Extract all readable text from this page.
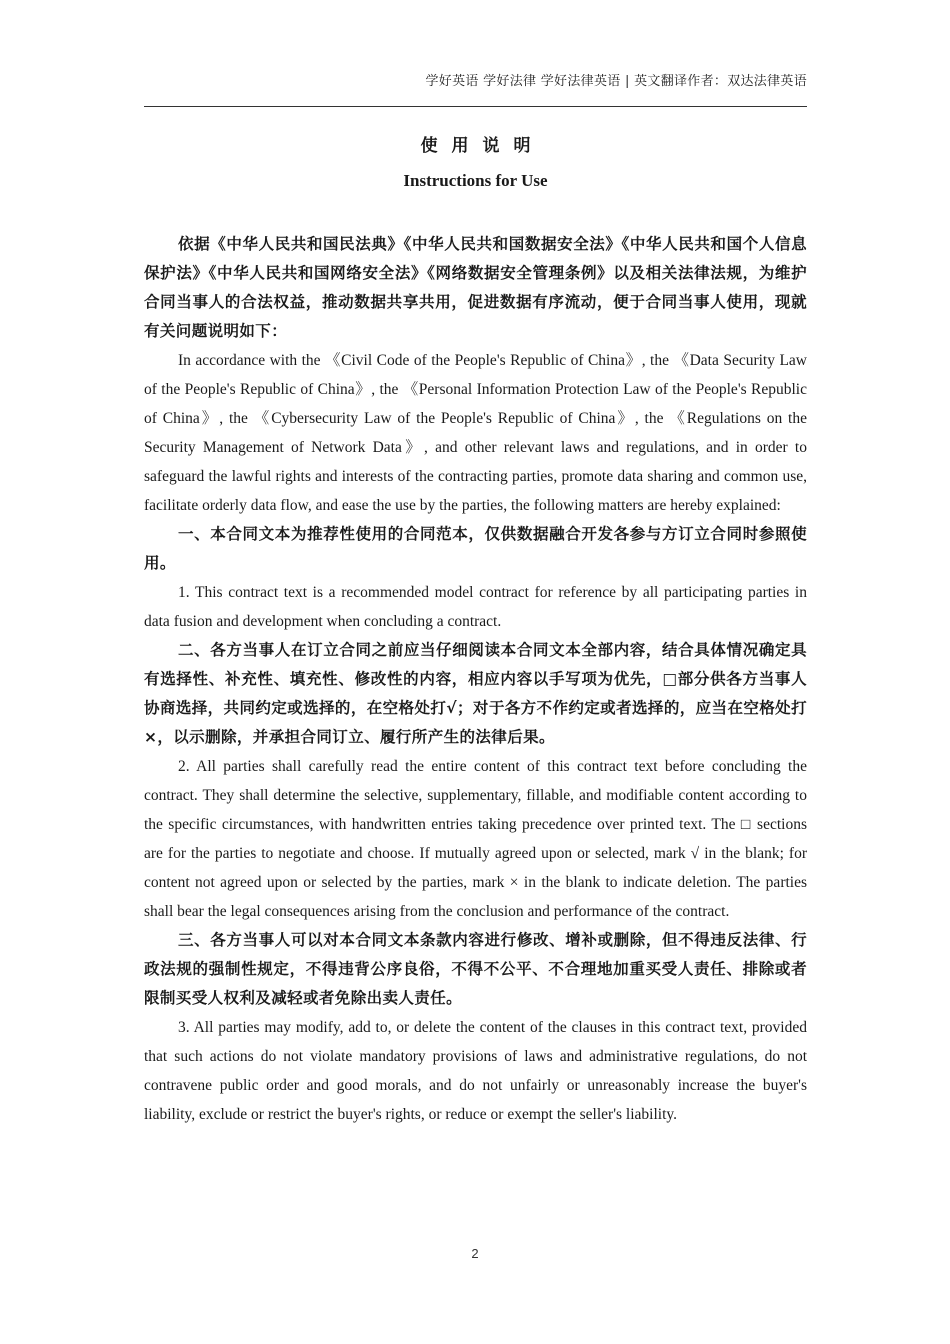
学好英语 学好法律 学好法律英语 | 英文翻译作者：双达法律英语
使用说明
Instructions for Use

依据《中华人民共和国民法典》《中华人民共和国数据安全法》《中华人民共和国个人信息保护法》《中华人民共和国网络安全法》《网络数据安全管理条例》以及相关法律法规，为维护合同当事人的合法权益，推动数据共享共用，促进数据有序流动，便于合同当事人使用，现就有关问题说明如下：

In accordance with the 《Civil Code of the People's Republic of China》, the 《Data Security Law of the People's Republic of China》, the 《Personal Information Protection Law of the People's Republic of China》, the 《Cybersecurity Law of the People's Republic of China》, the 《Regulations on the Security Management of Network Data》, and other relevant laws and regulations, and in order to safeguard the lawful rights and interests of the contracting parties, promote data sharing and common use, facilitate orderly data flow, and ease the use by the parties, the following matters are hereby explained:

一、本合同文本为推荐性使用的合同范本，仅供数据融合开发各参与方订立合同时参照使用。

1. This contract text is a recommended model contract for reference by all participating parties in data fusion and development when concluding a contract.

二、各方当事人在订立合同之前应当仔细阅读本合同文本全部内容，结合具体情况确定具有选择性、补充性、填充性、修改性的内容，相应内容以手写项为优先，□部分供各方当事人协商选择，共同约定或选择的，在空格处打√；对于各方不作约定或者选择的，应当在空格处打×，以示删除，并承担合同订立、履行所产生的法律后果。

2. All parties shall carefully read the entire content of this contract text before concluding the contract. They shall determine the selective, supplementary, fillable, and modifiable content according to the specific circumstances, with handwritten entries taking precedence over printed text. The □ sections are for the parties to negotiate and choose. If mutually agreed upon or selected, mark √ in the blank; for content not agreed upon or selected by the parties, mark × in the blank to indicate deletion. The parties shall bear the legal consequences arising from the conclusion and performance of the contract.

三、各方当事人可以对本合同文本条款内容进行修改、增补或删除，但不得违反法律、行政法规的强制性规定，不得违背公序良俗，不得不公平、不合理地加重买受人责任、排除或者限制买受人权利及减轻或者免除出卖人责任。

3. All parties may modify, add to, or delete the content of the clauses in this contract text, provided that such actions do not violate mandatory provisions of laws and administrative regulations, do not contravene public order and good morals, and do not unfairly or unreasonably increase the buyer's liability, exclude or restrict the buyer's rights, or reduce or exempt the seller's liability.

2
